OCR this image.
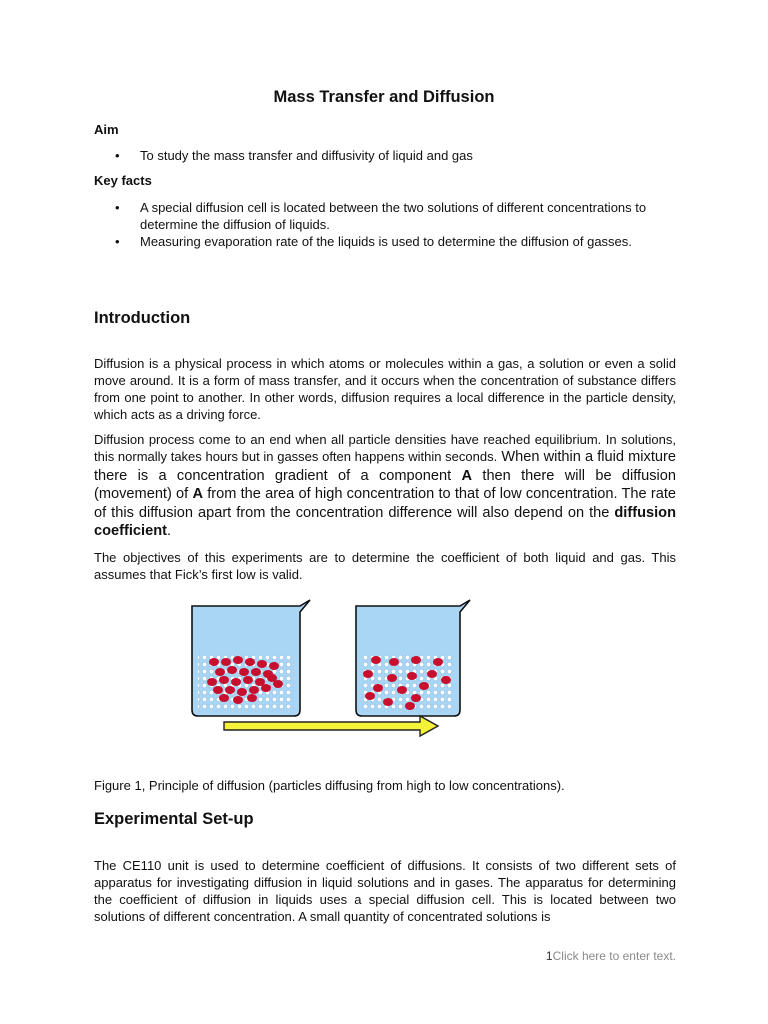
Mass Transfer and Diffusion
Aim
• To study the mass transfer and diffusivity of liquid and gas
Key facts
• A special diffusion cell is located between the two solutions of different concentrations to determine the diffusion of liquids.
• Measuring evaporation rate of the liquids is used to determine the diffusion of gasses.
Introduction

Diffusion is a physical process in which atoms or molecules within a gas, a solution or even a solid move around. It is a form of mass transfer, and it occurs when the concentration of substance differs from one point to another. In other words, diffusion requires a local difference in the particle density, which acts as a driving force.

Diffusion process come to an end when all particle densities have reached equilibrium. In solutions, this normally takes hours but in gasses often happens within seconds. When within a fluid mixture there is a concentration gradient of a component A then there will be diffusion (movement) of A from the area of high concentration to that of low concentration. The rate of this diffusion apart from the concentration difference will also depend on the diffusion coefficient.

The objectives of this experiments are to determine the coefficient of both liquid and gas. This assumes that Fick’s first low is valid.

Figure 1, Principle of diffusion (particles diffusing from high to low concentrations).
Experimental Set-up

The CE110 unit is used to determine coefficient of diffusions. It consists of two different sets of apparatus for investigating diffusion in liquid solutions and in gases. The apparatus for determining the coefficient of diffusion in liquids uses a special diffusion cell. This is located between two solutions of different concentration. A small quantity of concentrated solutions is

1Click here to enter text.
